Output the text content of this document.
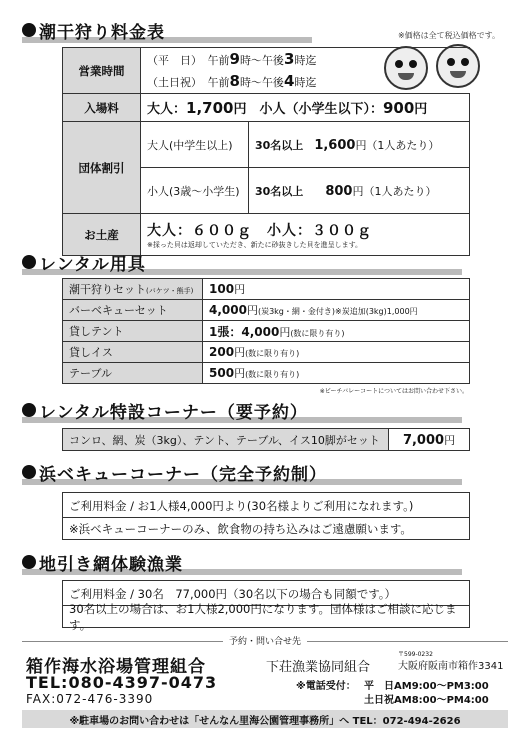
潮干狩り料金表	※価格は全て税込価格です。
営業時間	（平　日）　午前9時～午後3時迄
（土日祝）　午前8時～午後4時迄	

入場料	大人：1,700円　小人（小学生以下）：900円	
団体割引	大人(中学生以上)	30名以上　 1,600円（1人あたり）
	小人(3歳～小学生)	30名以上　　 800円（1人あたり）
お土産	大人：６００ｇ　小人：３００ｇ
※採った貝は返却していただき、新たに砂抜きした貝を進呈します。	
レンタル用具
潮干狩りセット(バケツ・熊手)	100円
バーベキューセット	4,000円(炭3kg・網・金付き)※炭追加(3kg)1,000円
貸しテント	1張：4,000円(数に限り有り)
貸しイス	200円(数に限り有り)
テーブル	500円(数に限り有り)
※ビーチバレーコートについてはお問い合わせ下さい。
レンタル特設コーナー（要予約）
コンロ、網、炭（3kg）、テント、テーブル、イス10脚がセット	7,000円
浜ベキューコーナー（完全予約制）
ご利用料金 / お1人様4,000円より(30名様よりご利用になれます。)
※浜ベキューコーナーのみ、飲食物の持ち込みはご遠慮願います。
地引き網体験漁業
ご利用料金 / 30名　77,000円（30名以下の場合も同額です。）
30名以上の場合は、お1人様2,000円になります。団体様はご相談に応じます。
予約・問い合せ先
箱作海水浴場管理組合
TEL:080-4397-0473
FAX:072-476-3390
下荘漁業協同組合
〒599-0232
大阪府阪南市箱作3341
※電話受付： 平　日AM9:00～PM3:00
土日祝AM8:00～PM4:00
※駐車場のお問い合わせは「せんなん里海公園管理事務所」へ TEL：072-494-2626
